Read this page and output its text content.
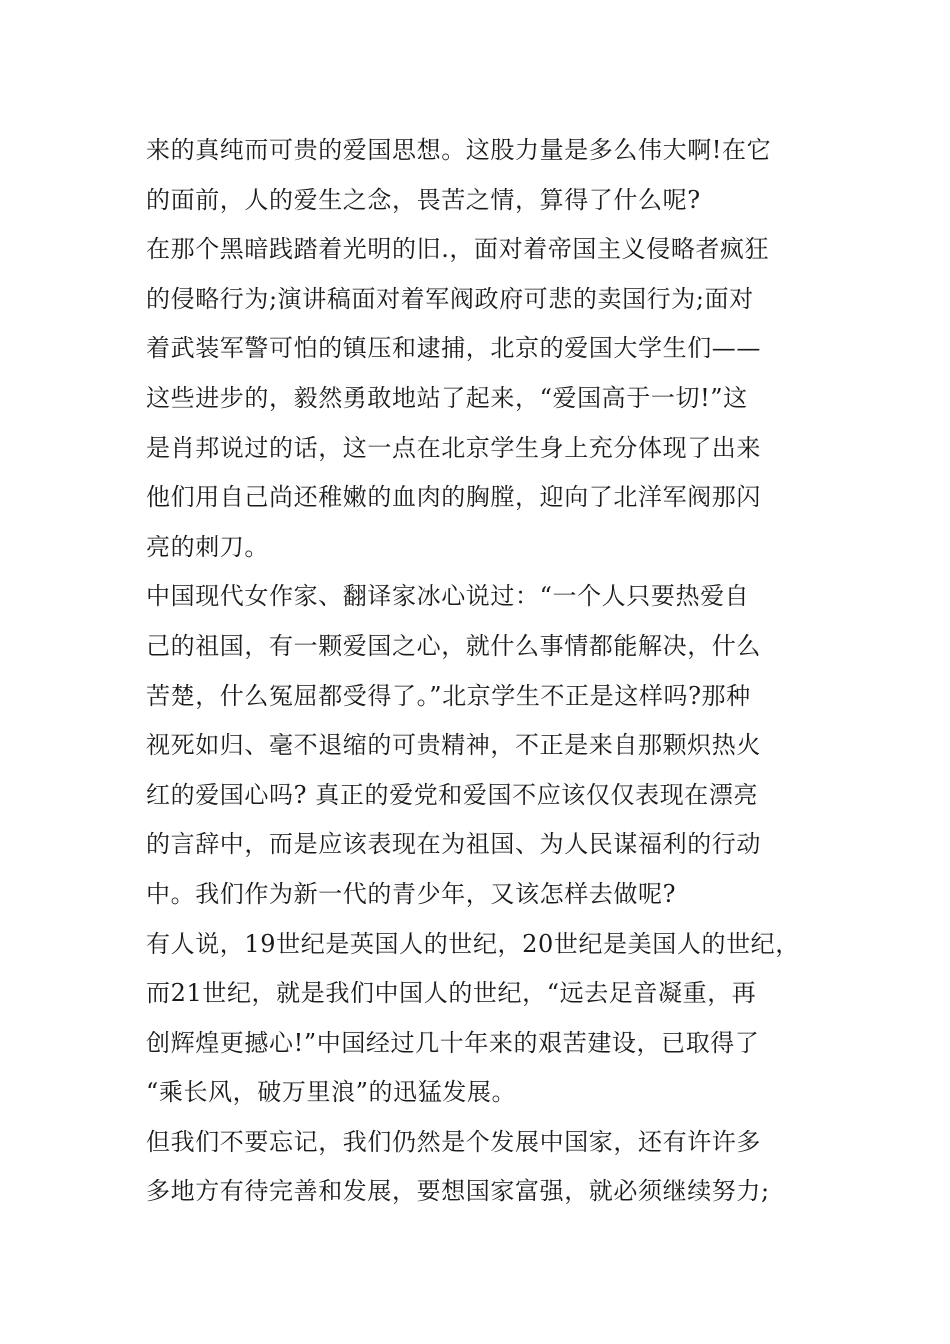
来的真纯而可贵的爱国思想。这股力量是多么伟大啊!在它
的面前，人的爱生之念，畏苦之情，算得了什么呢?
在那个黑暗践踏着光明的旧.，面对着帝国主义侵略者疯狂
的侵略行为;演讲稿面对着军阀政府可悲的卖国行为;面对
着武装军警可怕的镇压和逮捕，北京的爱国大学生们——
这些进步的，毅然勇敢地站了起来，“爱国高于一切!”这
是肖邦说过的话，这一点在北京学生身上充分体现了出来
他们用自己尚还稚嫩的血肉的胸膛，迎向了北洋军阀那闪
亮的刺刀。
中国现代女作家、翻译家冰心说过：“一个人只要热爱自
己的祖国，有一颗爱国之心，就什么事情都能解决，什么
苦楚，什么冤屈都受得了。”北京学生不正是这样吗?那种
视死如归、毫不退缩的可贵精神，不正是来自那颗炽热火
红的爱国心吗? 真正的爱党和爱国不应该仅仅表现在漂亮
的言辞中，而是应该表现在为祖国、为人民谋福利的行动
中。我们作为新一代的青少年，又该怎样去做呢?
有人说，19世纪是英国人的世纪，20世纪是美国人的世纪，
而21世纪，就是我们中国人的世纪，“远去足音凝重，再
创辉煌更撼心!”中国经过几十年来的艰苦建设，已取得了
“乘长风，破万里浪”的迅猛发展。
但我们不要忘记，我们仍然是个发展中国家，还有许许多
多地方有待完善和发展，要想国家富强，就必须继续努力;
